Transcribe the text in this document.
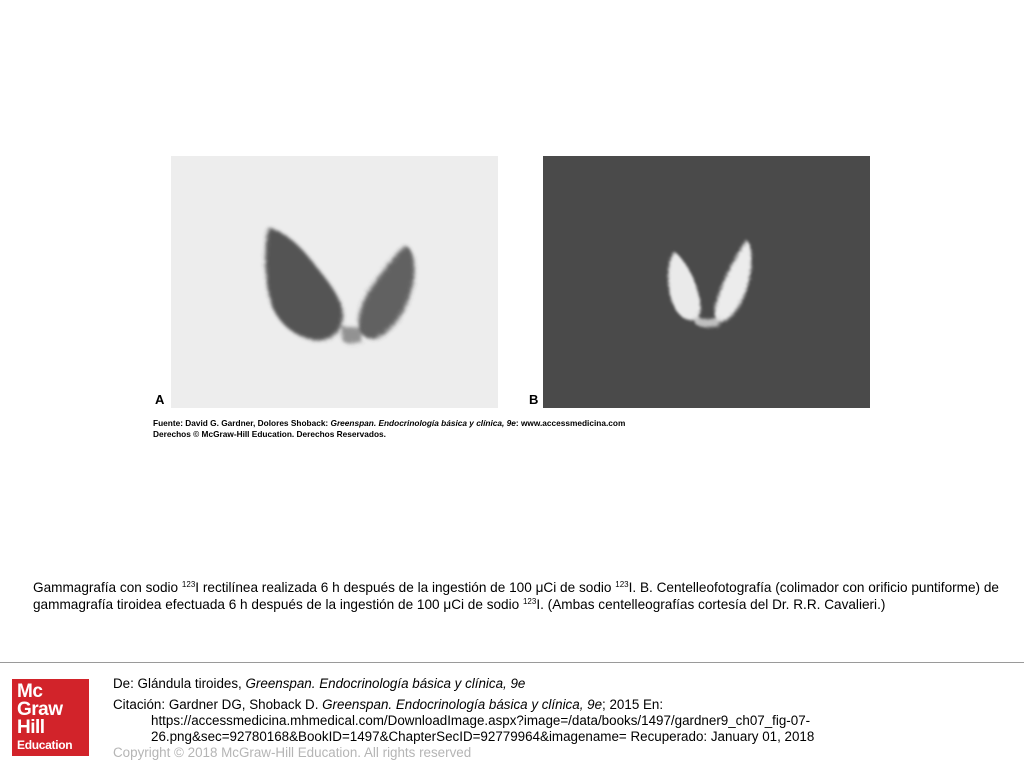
A	B
Fuente: David G. Gardner, Dolores Shoback: Greenspan. Endocrinología básica y clínica, 9e: www.accessmedicina.com
Derechos © McGraw-Hill Education. Derechos Reservados.
Gammagrafía con sodio $^{123}$I rectilínea realizada 6 h después de la ingestión de 100 μCi de sodio $^{123}$I. B. Centelleofotografía (colimador con orificio puntiforme) de gammagrafía tiroidea efectuada 6 h después de la ingestión de 100 μCi de sodio $^{123}$I. (Ambas centelleografías cortesía del Dr. R.R. Cavalieri.)
Mc
Graw
Hill
Education
De: Glándula tiroides, Greenspan. Endocrinología básica y clínica, 9e
Citación: Gardner DG, Shoback D. Greenspan. Endocrinología básica y clínica, 9e; 2015 En:
https://accessmedicina.mhmedical.com/DownloadImage.aspx?image=/data/books/1497/gardner9_ch07_fig-07-26.png&sec=92780168&BookID=1497&ChapterSecID=92779964&imagename= Recuperado: January 01, 2018
Copyright © 2018 McGraw-Hill Education. All rights reserved
